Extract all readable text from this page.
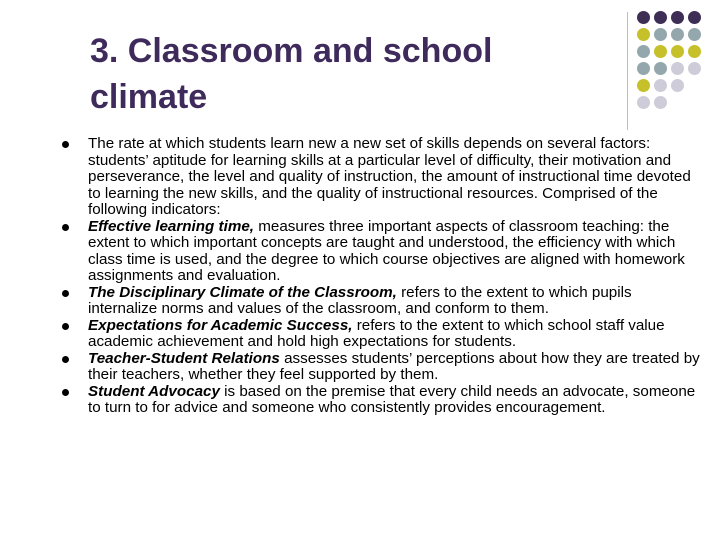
3. Classroom and school
climate
The rate at which students learn new a new set of skills depends on several factors: students’ aptitude for learning skills at a particular level of difficulty, their motivation and perseverance, the level and quality of instruction, the amount of instructional time devoted to learning the new skills, and the quality of instructional resources. Comprised of the following indicators:
Effective learning time, measures three important aspects of classroom teaching: the extent to which important concepts are taught and understood, the efficiency with which class time is used, and the degree to which course objectives are aligned with homework assignments and evaluation.
The Disciplinary Climate of the Classroom, refers to the extent to which pupils internalize norms and values of the classroom, and conform to them.
Expectations for Academic Success, refers to the extent to which school staff value academic achievement and hold high expectations for students.
Teacher-Student Relations assesses students’ perceptions about how they are treated by their teachers, whether they feel supported by them.
Student Advocacy is based on the premise that every child needs an advocate, someone to turn to for advice and someone who consistently provides encouragement.
